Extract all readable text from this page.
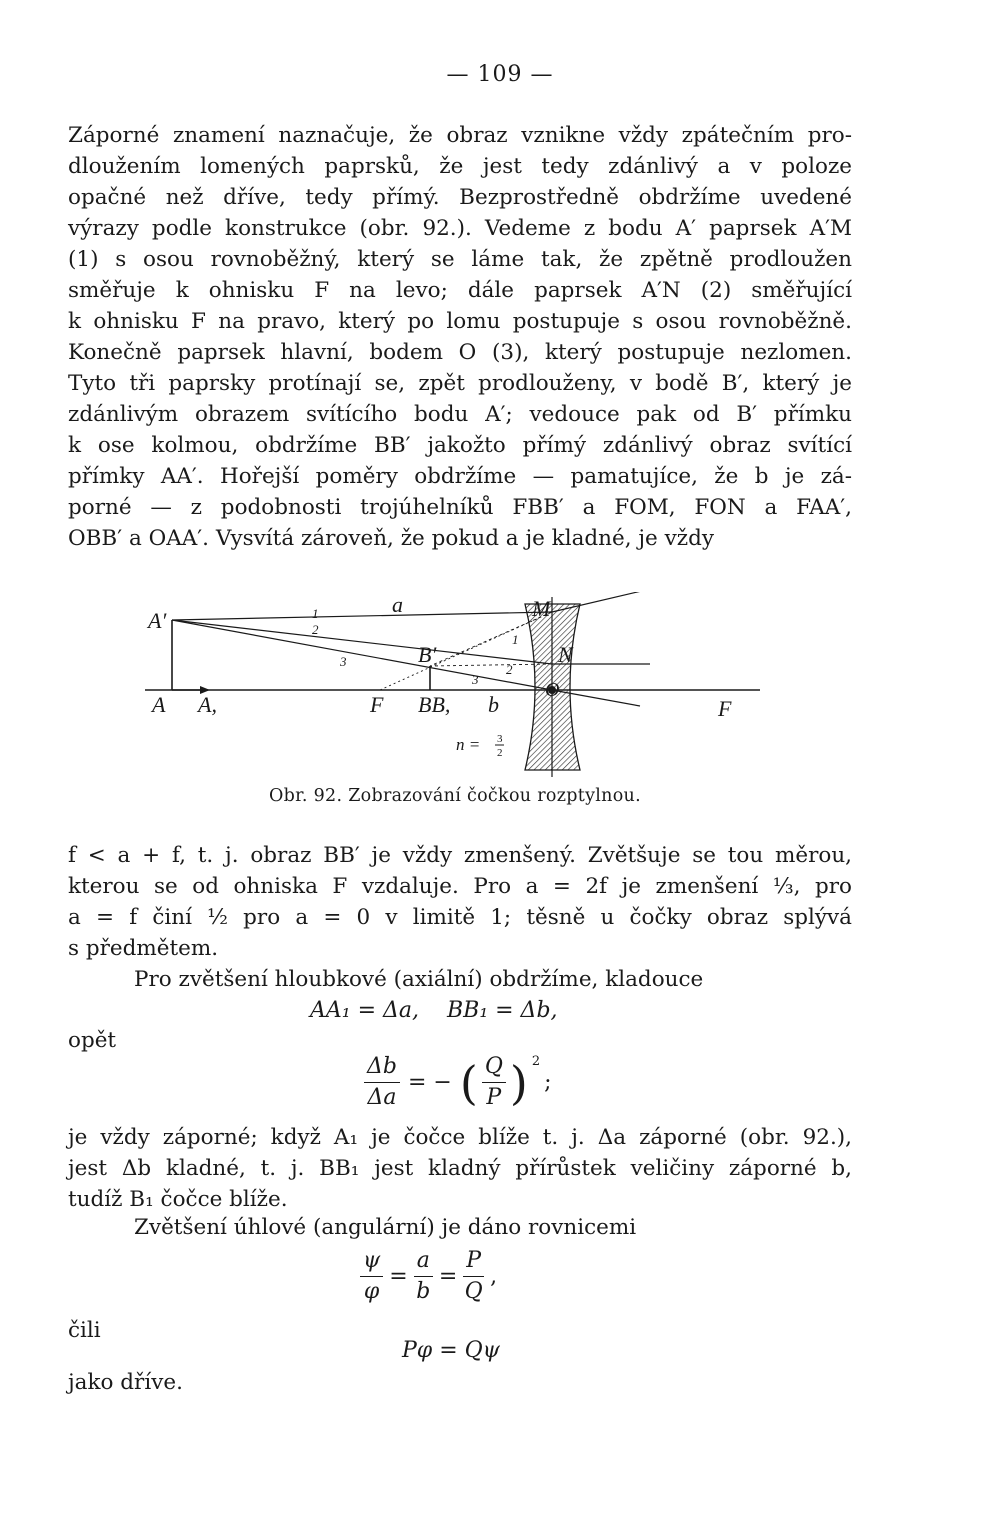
— 109 —
Záporné znamení naznačuje, že obraz vznikne vždy zpátečním pro-
dloužením lomených paprsků, že jest tedy zdánlivý a v poloze
opačné než dříve, tedy přímý. Bezprostředně obdržíme uvedené
výrazy podle konstrukce (obr. 92.). Vedeme z bodu A′ paprsek A′M
(1) s osou rovnoběžný, který se láme tak, že zpětně prodloužen
směřuje k ohnisku F na levo; dále paprsek A′N (2) směřující
k ohnisku F na pravo, který po lomu postupuje s osou rovnoběžně.
Konečně paprsek hlavní, bodem O (3), který postupuje nezlomen.
Tyto tři paprsky protínají se, zpět prodlouženy, v bodě B′, který je
zdánlivým obrazem svítícího bodu A′; vedouce pak od B′ přímku
k ose kolmou, obdržíme BB′ jakožto přímý zdánlivý obraz svítící
přímky AA′. Hořejší poměry obdržíme — pamatujíce, že b je zá-
porné — z podobnosti trojúhelníků FBB′ a FOM, FON a FAA′,
OBB′ a OAA′. Vysvítá zároveň, že pokud a je kladné, je vždy
A′
A A,
a
1
2
3
1
2
3
B′
M
N
O
F BB, b	F
n = 3
2
Obr. 92. Zobrazování čočkou rozptylnou.
f < a + f, t. j. obraz BB′ je vždy zmenšený. Zvětšuje se tou měrou,
kterou se od ohniska F vzdaluje. Pro a = 2f je zmenšení ⅓, pro
a = f činí ½ pro a = 0 v limitě 1; těsně u čočky obraz splývá
s předmětem.
Pro zvětšení hloubkové (axiální) obdržíme, kladouce
AA₁ = Δa,    BB₁ = Δb,
opět
$\frac{\Delta b}{\Delta a}$ = − ( $\frac{Q}{P}$ ) 2
;
je vždy záporné; když A₁ je čočce blíže t. j. Δa záporné (obr. 92.),
jest Δb kladné, t. j. BB₁ jest kladný přírůstek veličiny záporné b,
tudíž B₁ čočce blíže.
Zvětšení úhlové (angulární) je dáno rovnicemi
$\frac{\psi}{\varphi} = \frac{a}{b} = \frac{P}{Q}$ ,
čili
Pφ = Qψ
jako dříve.
